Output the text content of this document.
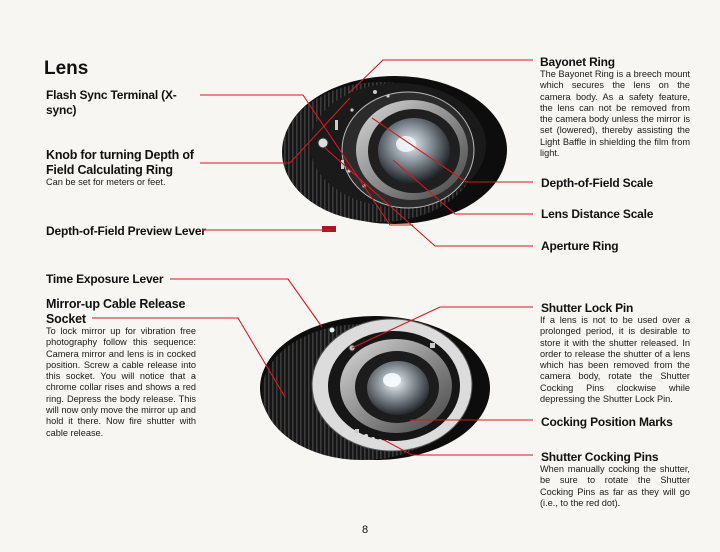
Lens
Flash Sync Terminal (X-sync)
Knob for turning Depth of Field Calculating Ring
Can be set for meters or feet.
Depth-of-Field Preview Lever
Time Exposure Lever
Mirror-up Cable Release Socket
To lock mirror up for vibration free photography follow this sequence: Camera mirror and lens is in cocked position. Screw a cable release into this socket. You will notice that a chrome collar rises and shows a red ring. Depress the body release. This will now only move the mirror up and hold it there. Now fire shutter with cable release.
Bayonet Ring
The Bayonet Ring is a breech mount which secures the lens on the camera body. As a safety feature, the lens can not be removed from the camera body unless the mirror is set (lowered), thereby assisting the Light Baffle in shielding the film from light.
Depth-of-Field Scale
Lens Distance Scale
Aperture Ring
Shutter Lock Pin
If a lens is not to be used over a prolonged period, it is desirable to store it with the shutter released. In order to release the shutter of a lens which has been removed from the camera body, rotate the Shutter Cocking Pins clockwise while depressing the Shutter Lock Pin.
Cocking Position Marks
Shutter Cocking Pins
When manually cocking the shutter, be sure to rotate the Shutter Cocking Pins as far as they will go (i.e., to the red dot).
8
